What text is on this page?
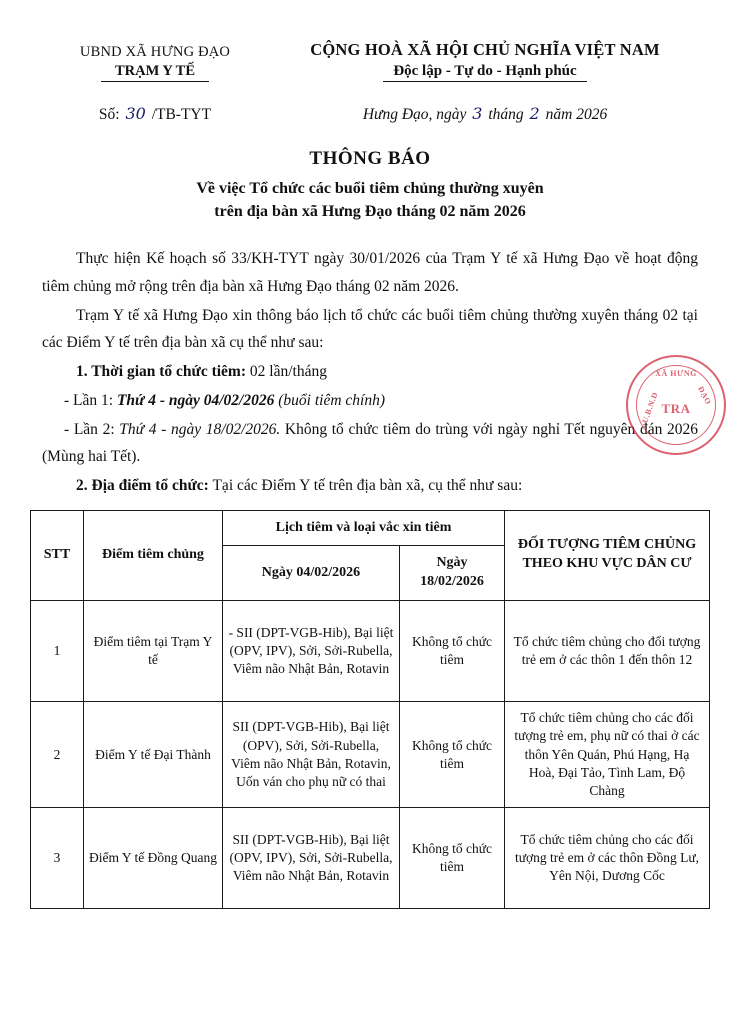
UBND XÃ HƯNG ĐẠO
TRẠM Y TẾ
CỘNG HOÀ XÃ HỘI CHỦ NGHĨA VIỆT NAM
Độc lập - Tự do - Hạnh phúc
Số: 30 /TB-TYT	Hưng Đạo, ngày 3 tháng 2 năm 2026
THÔNG BÁO
Về việc Tổ chức các buổi tiêm chủng thường xuyên
trên địa bàn xã Hưng Đạo tháng 02 năm 2026

Thực hiện Kế hoạch số 33/KH-TYT ngày 30/01/2026 của Trạm Y tế xã Hưng Đạo về hoạt động tiêm chủng mở rộng trên địa bàn xã Hưng Đạo tháng 02 năm 2026.

Trạm Y tế xã Hưng Đạo xin thông báo lịch tổ chức các buổi tiêm chủng thường xuyên tháng 02 tại các Điểm Y tế trên địa bàn xã cụ thể như sau:

1. Thời gian tổ chức tiêm: 02 lần/tháng

- Lần 1: Thứ 4 - ngày 04/02/2026 (buổi tiêm chính)

- Lần 2: Thứ 4 - ngày 18/02/2026. Không tổ chức tiêm do trùng với ngày nghỉ Tết nguyên đán 2026 (Mùng hai Tết).

2. Địa điểm tổ chức: Tại các Điểm Y tế trên địa bàn xã, cụ thể như sau:

STT	Điểm tiêm chủng	Lịch tiêm và loại vắc xin tiêm		ĐỐI TƯỢNG TIÊM CHỦNG THEO KHU VỰC DÂN CƯ
		Ngày 04/02/2026	Ngày 18/02/2026	
1	Điểm tiêm tại Trạm Y tế	- SII (DPT-VGB-Hib), Bại liệt (OPV, IPV), Sởi, Sởi-Rubella, Viêm não Nhật Bản, Rotavin	Không tổ chức tiêm	Tổ chức tiêm chủng cho đối tượng trẻ em ở các thôn 1 đến thôn 12
2	Điểm Y tế Đại Thành	SII (DPT-VGB-Hib), Bại liệt (OPV), Sởi, Sởi-Rubella, Viêm não Nhật Bản, Rotavin, Uốn ván cho phụ nữ có thai	Không tổ chức tiêm	Tổ chức tiêm chủng cho các đối tượng trẻ em, phụ nữ có thai ở các thôn Yên Quán, Phú Hạng, Hạ Hoà, Đại Tảo, Tình Lam, Độ Chàng
3	Điểm Y tế Đồng Quang	SII (DPT-VGB-Hib), Bại liệt (OPV, IPV), Sởi, Sởi-Rubella, Viêm não Nhật Bản, Rotavin	Không tổ chức tiêm	Tổ chức tiêm chủng cho các đối tượng trẻ em ở các thôn Đồng Lư, Yên Nội, Dương Cốc
XÃ HƯNG
U.B.N.D	ĐẠO
TRA
